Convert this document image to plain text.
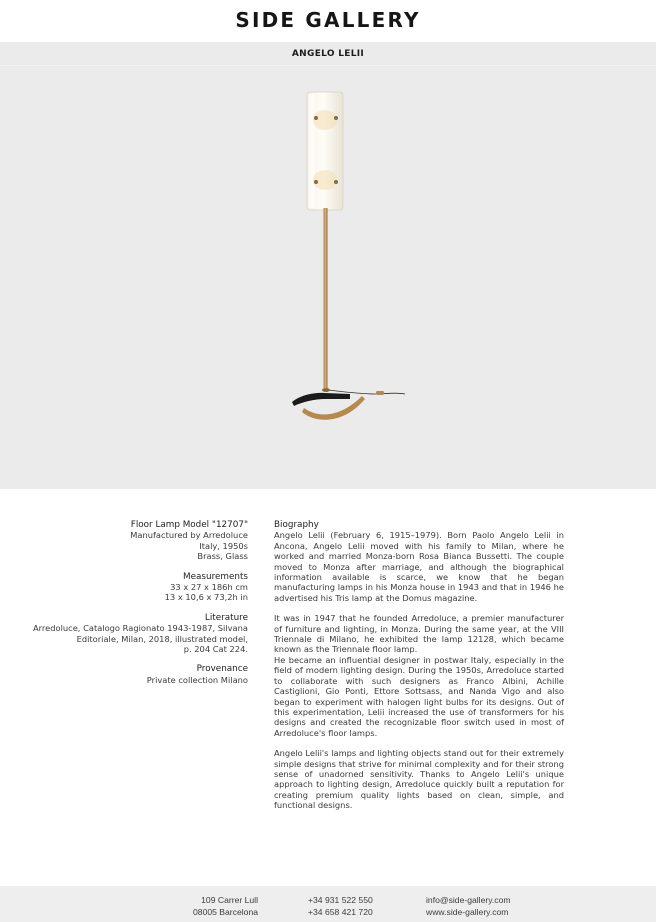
SIDE GALLERY
ANGELO LELII
Floor Lamp Model "12707"
Manufactured by Arredoluce
Italy, 1950s
Brass, Glass
Measurements
33 x 27 x 186h cm
13 x 10,6 x 73,2h in
Literature
Arredoluce, Catalogo Ragionato 1943-1987, Silvana
Editoriale, Milan, 2018, illustrated model,
p. 204 Cat 224.
Provenance
Private collection Milano
Biography

Angelo Lelii (February 6, 1915–1979). Born Paolo Angelo Lelii in Ancona, Angelo Lelii moved with his family to Milan, where he worked and married Monza-born Rosa Bianca Bussetti. The couple moved to Monza after marriage, and although the biographical information available is scarce, we know that he began manufacturing lamps in his Monza house in 1943 and that in 1946 he advertised his Tris lamp at the Domus magazine.

It was in 1947 that he founded Arredoluce, a premier manufacturer of furniture and lighting, in Monza. During the same year, at the VIII Triennale di Milano, he exhibited the lamp 12128, which became known as the Triennale floor lamp.

He became an influential designer in postwar Italy, especially in the field of modern lighting design. During the 1950s, Arredoluce started to collaborate with such designers as Franco Albini, Achille Castiglioni, Gio Ponti, Ettore Sottsass, and Nanda Vigo and also began to experiment with halogen light bulbs for its designs. Out of this experimentation, Lelii increased the use of transformers for his designs and created the recognizable floor switch used in most of Arredoluce's floor lamps.

Angelo Lelii's lamps and lighting objects stand out for their extremely simple designs that strive for minimal complexity and for their strong sense of unadorned sensitivity. Thanks to Angelo Lelii's unique approach to lighting design, Arredoluce quickly built a reputation for creating premium quality lights based on clean, simple, and functional designs.

109 Carrer Lull
08005 Barcelona
+34 931 522 550
+34 658 421 720
info@side-gallery.com
www.side-gallery.com
